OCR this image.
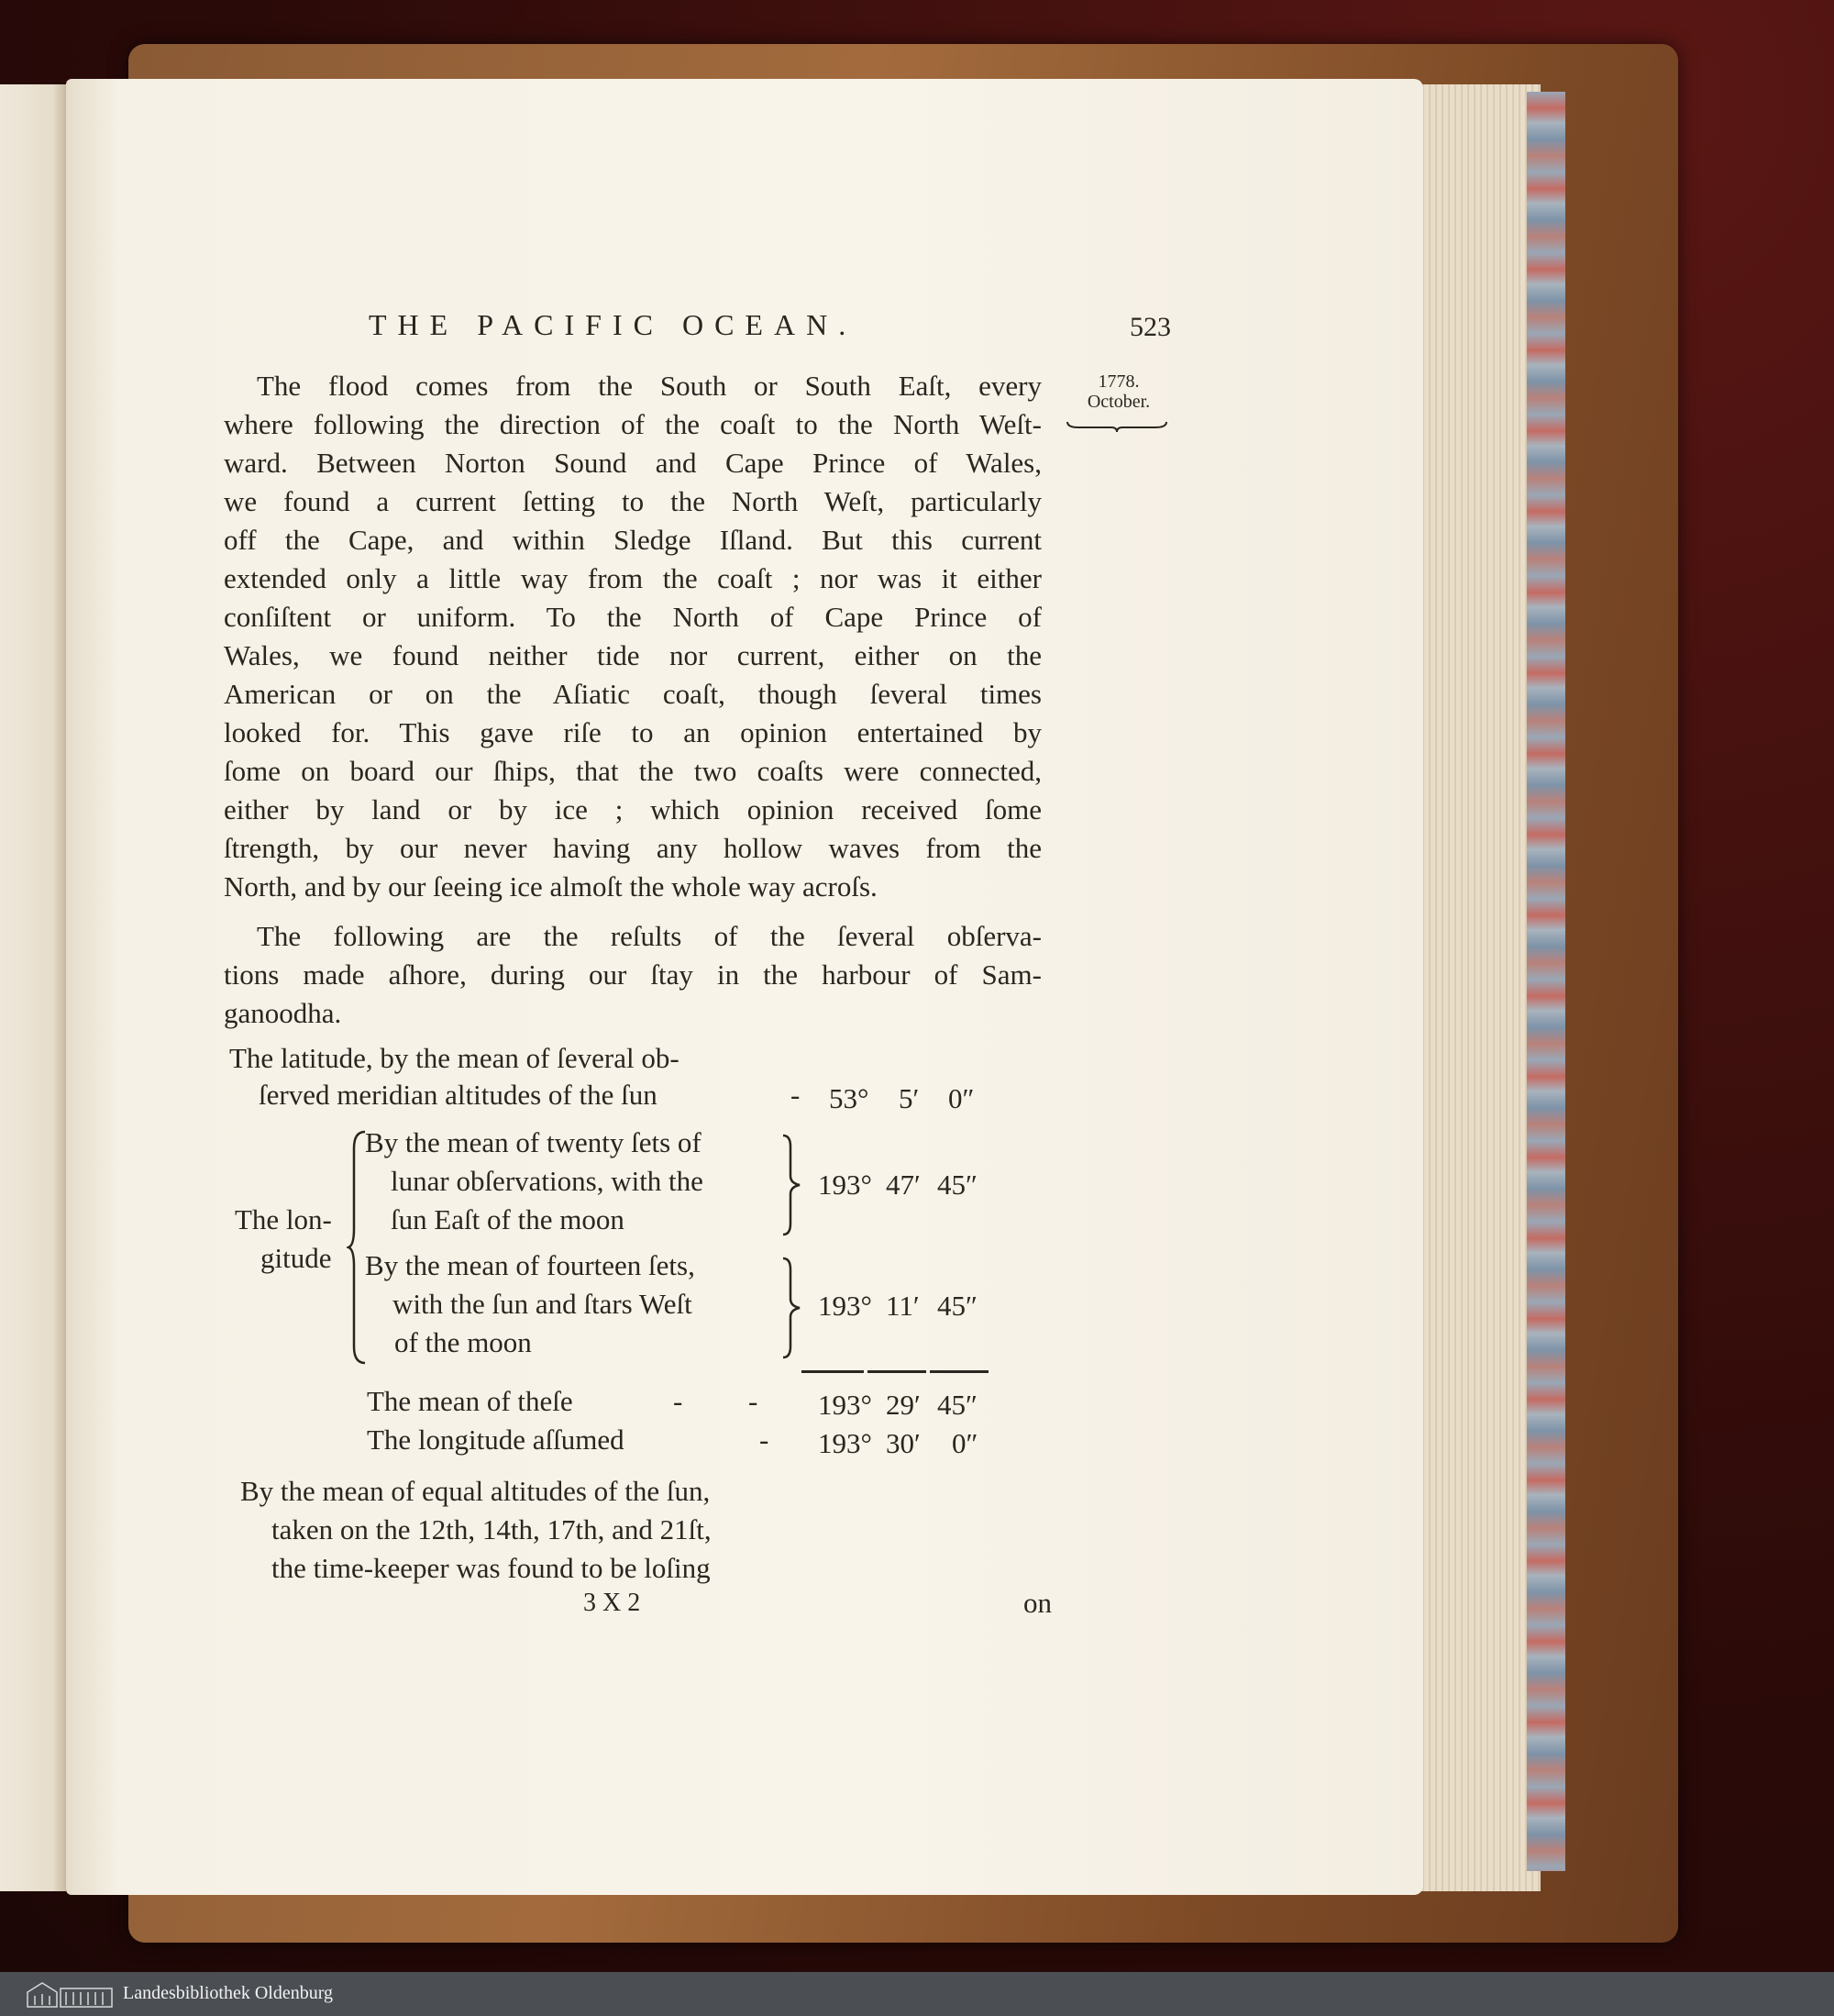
THE PACIFIC OCEAN.	523
1778.
October.
The flood comes from the South or South Eaſt, every
where following the direction of the coaſt to the North Weſt-
ward. Between Norton Sound and Cape Prince of Wales,
we found a current ſetting to the North Weſt, particularly
off the Cape, and within Sledge Iſland. But this current
extended only a little way from the coaſt ; nor was it either
conſiſtent or uniform. To the North of Cape Prince of
Wales, we found neither tide nor current, either on the
American or on the Aſiatic coaſt, though ſeveral times
looked for. This gave riſe to an opinion entertained by
ſome on board our ſhips, that the two coaſts were connected,
either by land or by ice ; which opinion received ſome
ſtrength, by our never having any hollow waves from the
North, and by our ſeeing ice almoſt the whole way acroſs.
The following are the reſults of the ſeveral obſerva-
tions made aſhore, during our ſtay in the harbour of Sam-
ganoodha.
The latitude, by the mean of ſeveral ob-
ſerved meridian altitudes of the ſun	- 53° 5′ 0″
The lon-
gitude
By the mean of twenty ſets of
lunar obſervations, with the
ſun Eaſt of the moon
193° 47′ 45″
By the mean of fourteen ſets,
with the ſun and ſtars Weſt
of the moon
193° 11′ 45″
The mean of theſe	- - 193° 29′ 45″
The longitude aſſumed	- 193° 30′ 0″
By the mean of equal altitudes of the ſun,
taken on the 12th, 14th, 17th, and 21ſt,
the time-keeper was found to be loſing
3 X 2	on
Landesbibliothek Oldenburg
